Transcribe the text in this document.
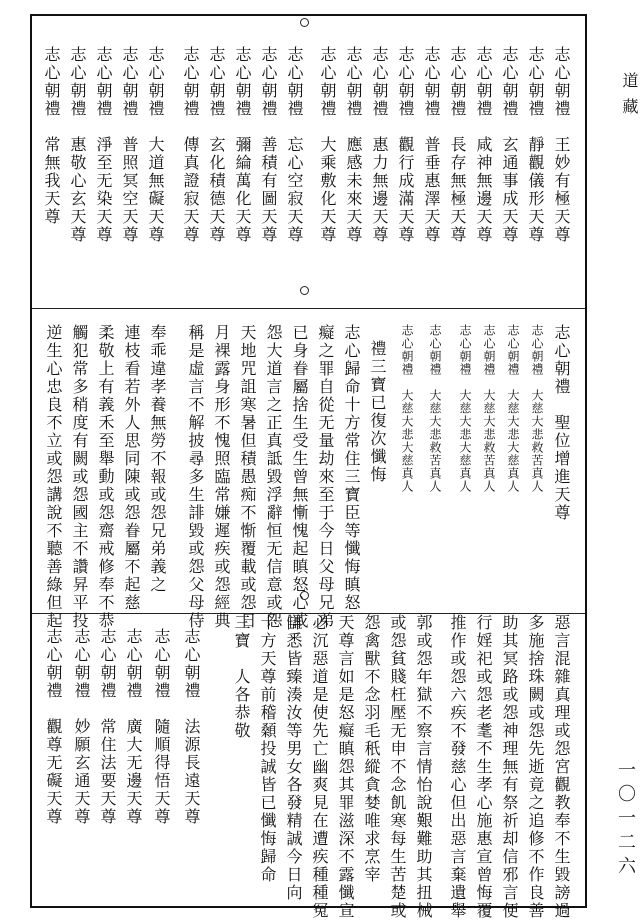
道藏
一〇一二六
志心朝禮　王妙有極天尊
志心朝禮　靜觀儀形天尊
志心朝禮　玄通事成天尊
志心朝禮　咸神無邊天尊
志心朝禮　長存無極天尊
志心朝禮　普垂惠澤天尊
志心朝禮　觀行成滿天尊
志心朝禮　惠力無邊天尊
志心朝禮　應感未來天尊
志心朝禮　大乘敷化天尊
志心朝禮　忘心空寂天尊
志心朝禮　善積有圖天尊
志心朝禮　彌綸萬化天尊
志心朝禮　玄化積德天尊
志心朝禮　傳真證寂天尊
志心朝禮　大道無礙天尊
志心朝禮　普照冥空天尊
志心朝禮　淨至无染天尊
志心朝禮　惠敬心玄天尊
志心朝禮　常無我天尊
志心朝禮　聖位增進天尊
志心朝禮　大慈大悲救苦真人
志心朝禮　大慈大悲大慈真人
志心朝禮　大慈大悲救苦真人
志心朝禮　大慈大悲大慈真人
志心朝禮　大慈大悲救苦真人
志心朝禮　大慈大悲大慈真人
禮三寶已復次懺悔
志心歸命十方常住三寶臣等懺悔瞋怒
癡之罪自從无量劫來至于今日父母兄弟
已身眷屬捨生受生曾無慚愧起瞋怒心或
怨大道言之正真詆毀浮辭恒无信意或怨
天地咒詛寒暑但積愚痴不惭覆載或怨日
月裸露身形不愧照臨常嫌遲疾或怨經典
稱是虛言不解披尋多生誹毀或怨父母侍
奉乖違孝養無勞不報或怨兄弟義之
連枝看若外人思同陳或怨眷屬不起慈
柔敬上有義禾至舉動或怨齋戒修奉不恭
觸犯常多稍度有闕或怨國主不讚昇平投
逆生心忠良不立或怨講說不聽善綠但起
惡言混雜真理或怨宮觀教奉不生毀謗過
多施捨珠闕或怨先逝竟之追修不作良善
助其冥路或怨神理無有祭祈却信邪言便
行婬祀或怨老耄不生孝心施惠宣曾悔覆
推作或怨六疾不發慈心但出惡言棄遺舉
郭或怨年獄不察言情怡說艱難助其扭械
或怨貧賤枉壓无申不念飢寒每生苦楚或
怨禽獸不念羽毛秖縱貪婪唯求烹宰
天尊言如是怒癡瞋怨其罪滋深不露懺宣
必沉惡道是使先亡幽爽見在遭疾種種冤
讎悉皆臻湊汝等男女各發精誠今日向
十方天尊前稽顙投誠皆已懺悔歸命
三寶　人各恭敬
志心朝禮　法源長遠天尊
志心朝禮　隨順得悟天尊
志心朝禮　廣大无邊天尊
志心朝禮　常住法要天尊
志心朝禮　妙願玄通天尊
志心朝禮　觀尊无礙天尊
